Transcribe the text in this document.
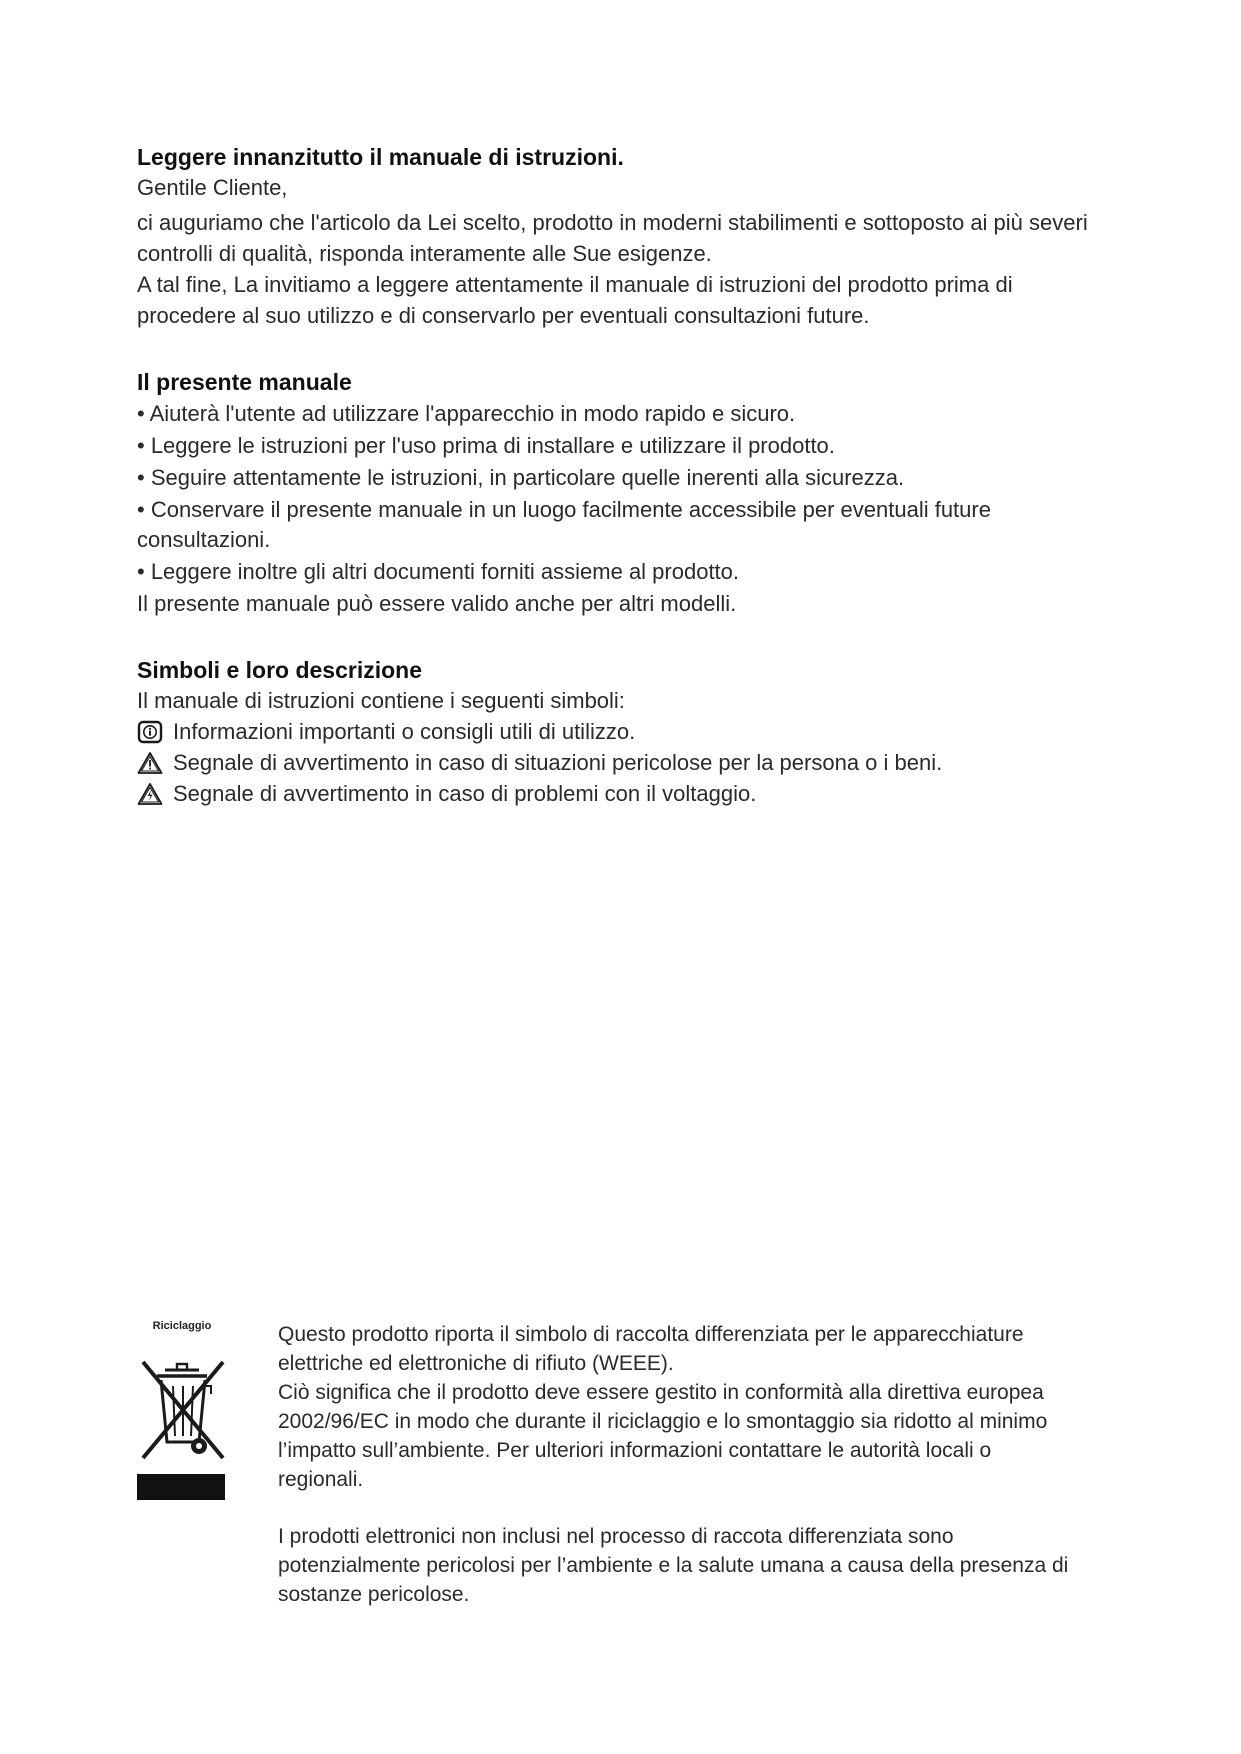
Leggere innanzitutto il manuale di istruzioni.
Gentile Cliente,
ci auguriamo che l'articolo da Lei scelto, prodotto in moderni stabilimenti e sottoposto ai più severi controlli di qualità, risponda interamente alle Sue esigenze.
A tal fine, La invitiamo a leggere attentamente il manuale di istruzioni del prodotto prima di procedere al suo utilizzo e di conservarlo per eventuali consultazioni future.
Il presente manuale
• Aiuterà l'utente ad utilizzare l'apparecchio in modo rapido e sicuro.
• Leggere le istruzioni per l'uso prima di installare e utilizzare il prodotto.
• Seguire attentamente le istruzioni, in particolare quelle inerenti alla sicurezza.
• Conservare il presente manuale in un luogo facilmente accessibile per eventuali future consultazioni.
• Leggere inoltre gli altri documenti forniti assieme al prodotto.
Il presente manuale può essere valido anche per altri modelli.
Simboli e loro descrizione
Il manuale di istruzioni contiene i seguenti simboli:
Informazioni importanti o consigli utili di utilizzo.
Segnale di avvertimento in caso di situazioni pericolose per la persona o i beni.
Segnale di avvertimento in caso di problemi con il voltaggio.
Riciclaggio	Questo prodotto riporta il simbolo di raccolta differenziata per le apparecchiature elettriche ed elettroniche di rifiuto (WEEE).
Ciò significa che il prodotto deve essere gestito in conformità alla direttiva europea 2002/96/EC in modo che durante il riciclaggio e lo smontaggio sia ridotto al minimo l’impatto sull’ambiente. Per ulteriori informazioni contattare le autorità locali o regionali.
I prodotti elettronici non inclusi nel processo di raccota differenziata sono potenzialmente pericolosi per l’ambiente e la salute umana a causa della presenza di sostanze pericolose.
